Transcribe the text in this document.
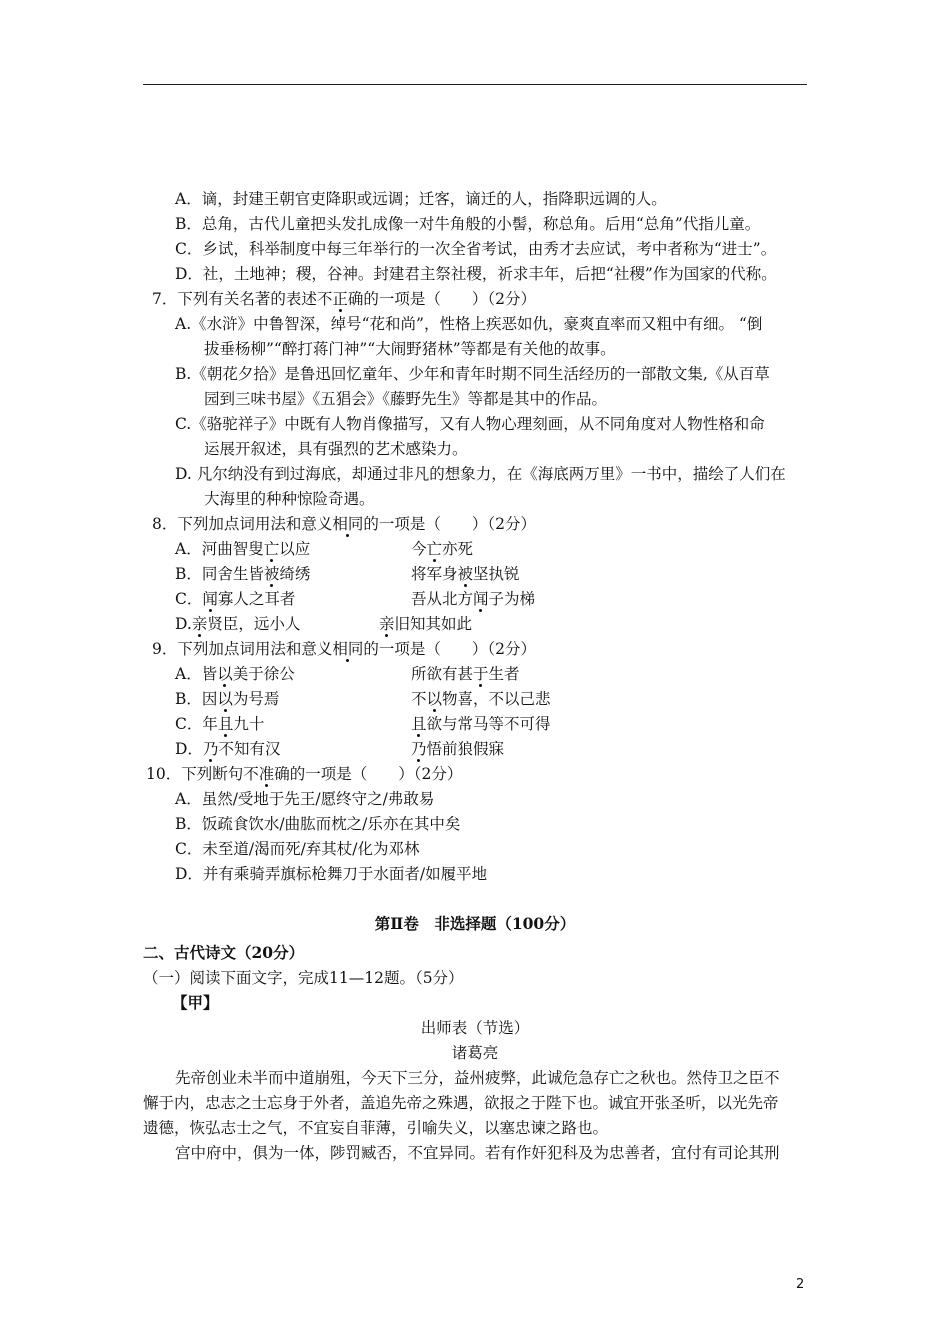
A．谪，封建王朝官吏降职或远调；迁客，谪迁的人，指降职远调的人。
B．总角，古代儿童把头发扎成像一对牛角般的小髻，称总角。后用“总角”代指儿童。
C．乡试，科举制度中每三年举行的一次全省考试，由秀才去应试，考中者称为“进士”。
D．社，土地神；稷，谷神。封建君主祭社稷，祈求丰年，后把“社稷”作为国家的代称。
7．下列有关名著的表述不正确的一项是（　　）（2分）
A.《水浒》中鲁智深，绰号“花和尚”，性格上疾恶如仇，豪爽直率而又粗中有细。 “倒
拔垂杨柳”“醉打蒋门神”“大闹野猪林”等都是有关他的故事。
B.《朝花夕拾》是鲁迅回忆童年、少年和青年时期不同生活经历的一部散文集,《从百草
园到三味书屋》《五猖会》《藤野先生》等都是其中的作品。
C.《骆驼祥子》中既有人物肖像描写，又有人物心理刻画，从不同角度对人物性格和命
运展开叙述，具有强烈的艺术感染力。
D. 凡尔纳没有到过海底，却通过非凡的想象力，在《海底两万里》一书中，描绘了人们在
大海里的种种惊险奇遇。
8．下列加点词用法和意义相同的一项是（　　）（2分）
A．河曲智叟亡以应	今亡亦死
B．同舍生皆被绮绣	将军身被坚执锐
C．闻寡人之耳者	吾从北方闻子为梯
D.亲贤臣，远小人	亲旧知其如此
9．下列加点词用法和意义相同的一项是（　　）（2分）
A．皆以美于徐公	所欲有甚于生者
B．因以为号焉	不以物喜，不以己悲
C．年且九十	且欲与常马等不可得
D．乃不知有汉	乃悟前狼假寐
10．下列断句不准确的一项是（　　）（2分）
A．虽然/受地于先王/愿终守之/弗敢易
B．饭疏食饮水/曲肱而枕之/乐亦在其中矣
C．未至道/渴而死/弃其杖/化为邓林
D．并有乘骑弄旗标枪舞刀于水面者/如履平地
第Ⅱ卷　非选择题（100分）
二、古代诗文（20分）
（一）阅读下面文字，完成11—12题。（5分）
【甲】
出师表（节选）
诸葛亮
先帝创业未半而中道崩殂，今天下三分，益州疲弊，此诚危急存亡之秋也。然侍卫之臣不
懈于内，忠志之士忘身于外者，盖追先帝之殊遇，欲报之于陛下也。诚宜开张圣听，以光先帝
遗德，恢弘志士之气，不宜妄自菲薄，引喻失义，以塞忠谏之路也。
宫中府中，俱为一体，陟罚臧否，不宜异同。若有作奸犯科及为忠善者，宜付有司论其刑
2
